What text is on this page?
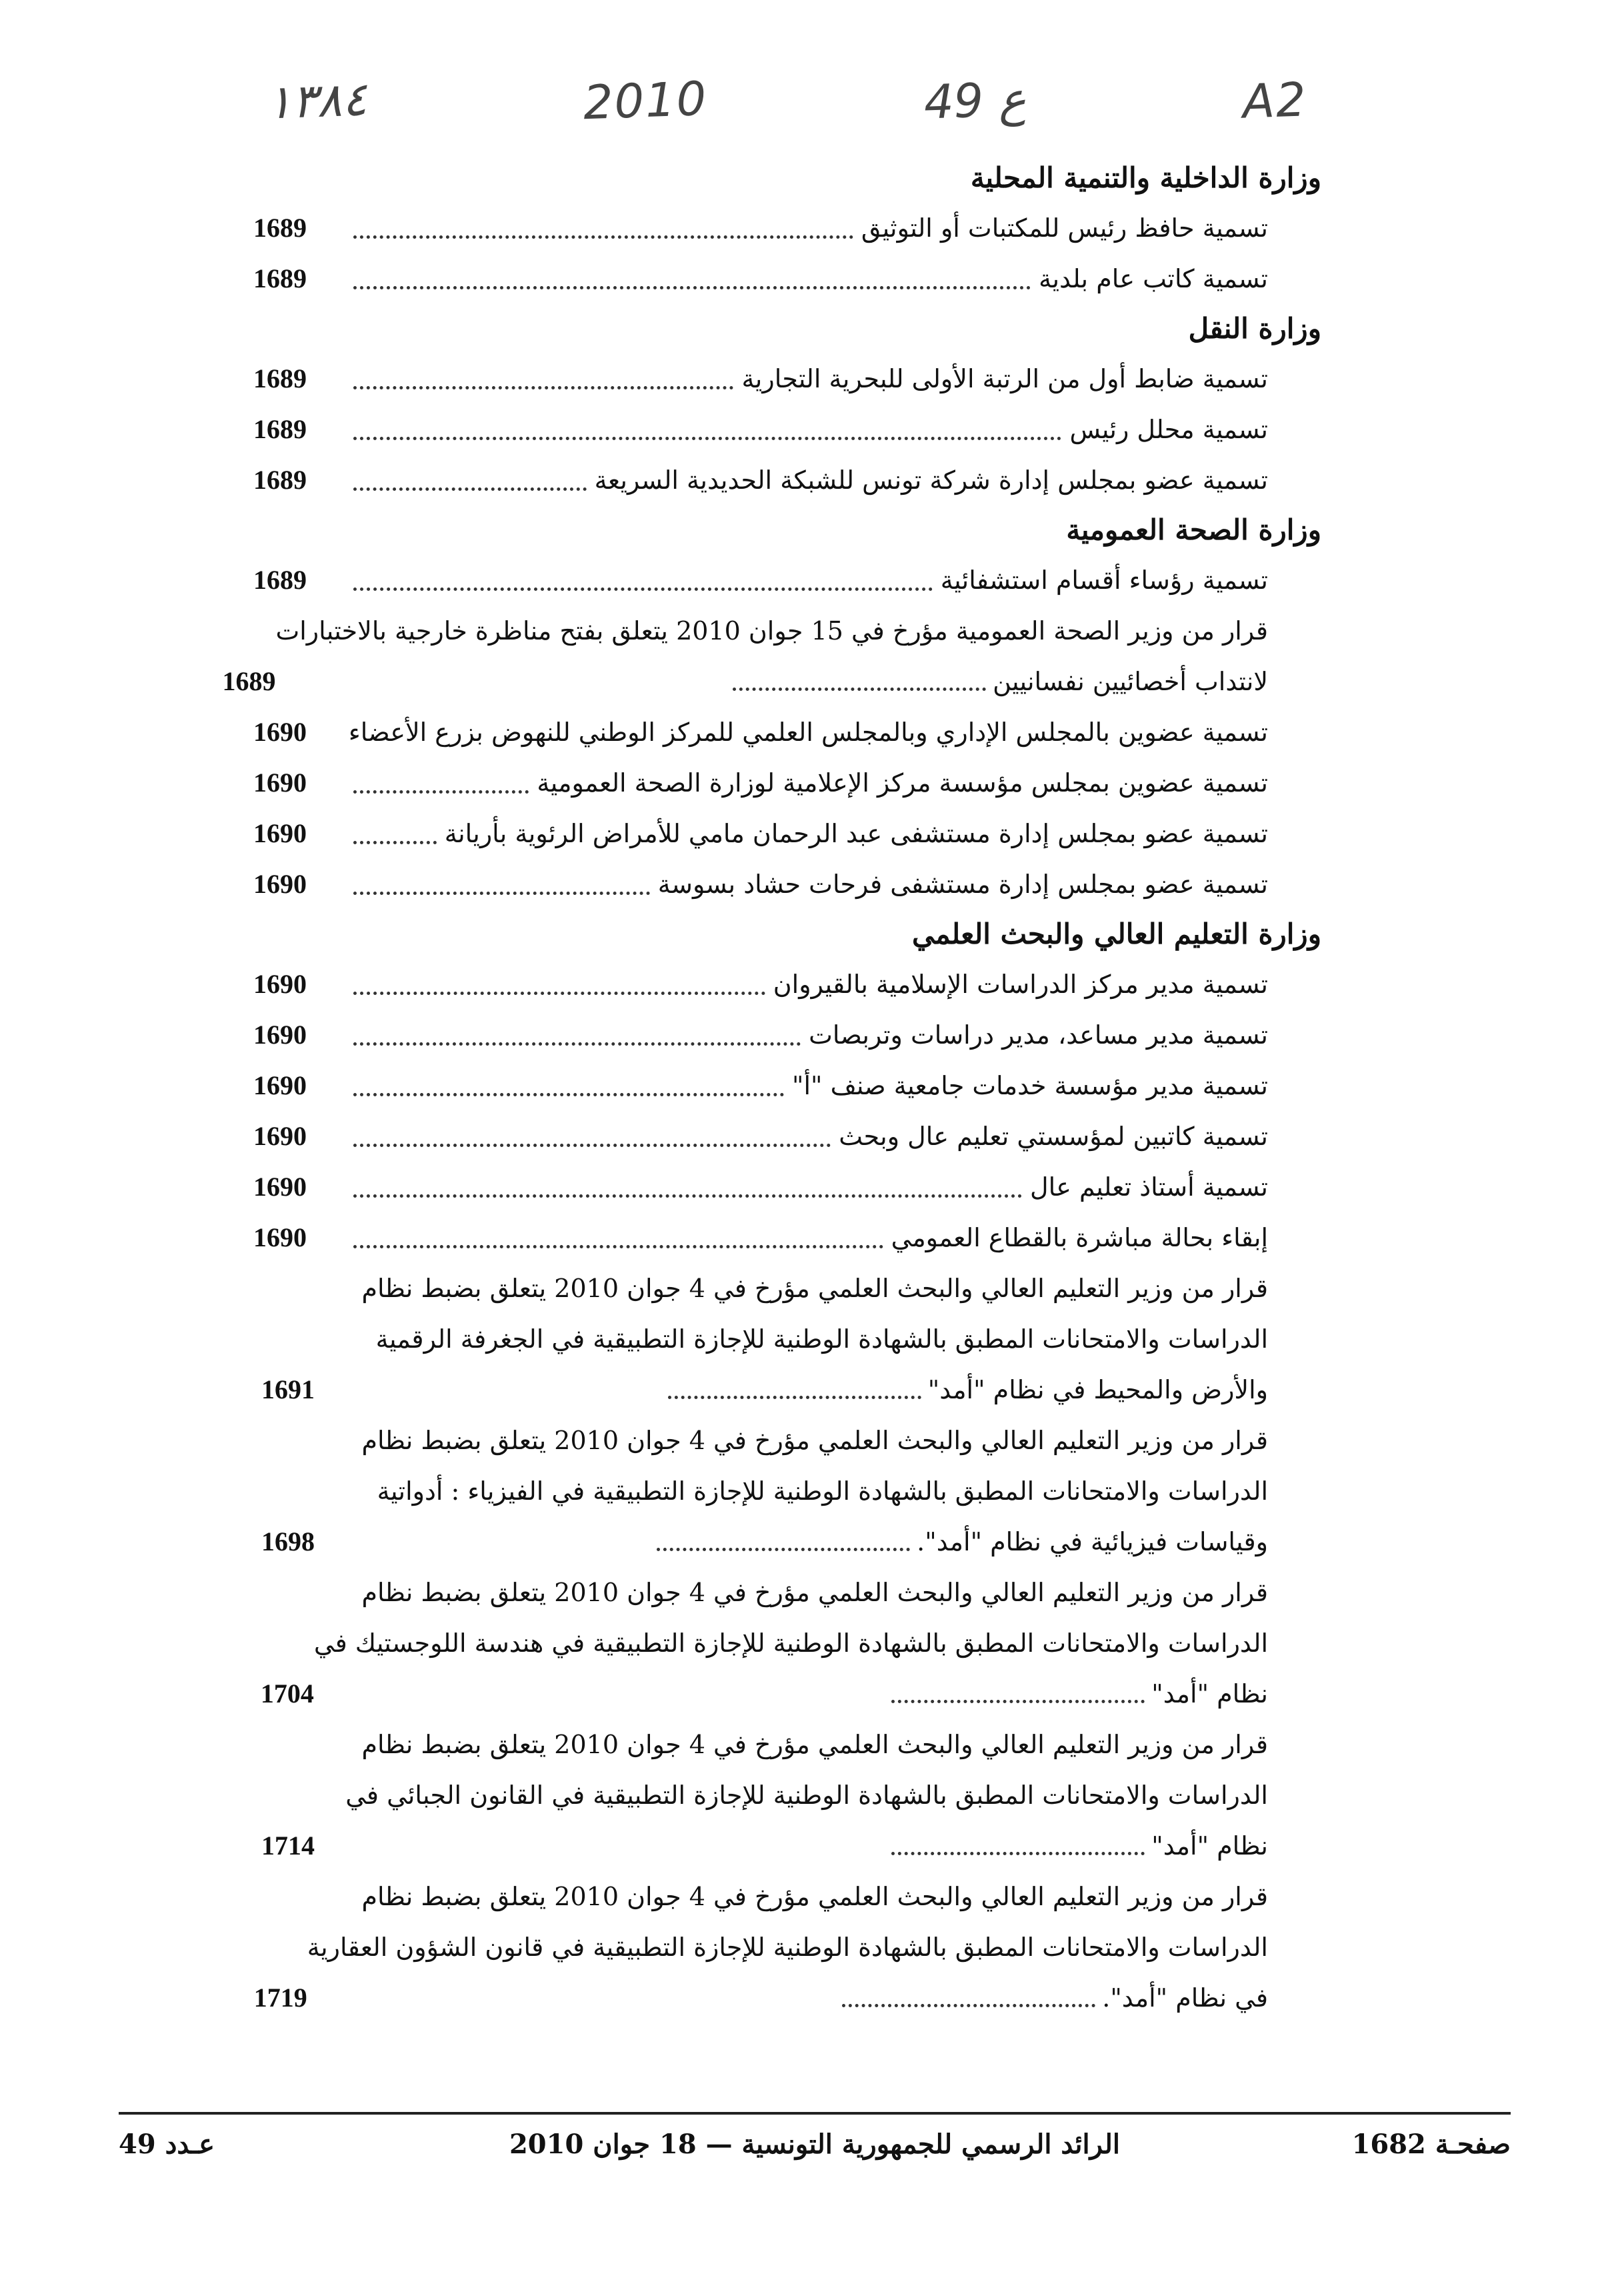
A2
ع 49
2010
١٣٨٤
وزارة الداخلية والتنمية المحلية
تسمية حافظ رئيس للمكتبات أو التوثيق
1689
تسمية كاتب عام بلدية
1689
وزارة النقل
تسمية ضابط أول من الرتبة الأولى للبحرية التجارية
1689
تسمية محلل رئيس
1689
تسمية عضو بمجلس إدارة شركة تونس للشبكة الحديدية السريعة
1689
وزارة الصحة العمومية
تسمية رؤساء أقسام استشفائية
1689
قرار من وزير الصحة العمومية مؤرخ في 15 جوان 2010 يتعلق بفتح مناظرة خارجية بالاختبارات
لانتداب أخصائيين نفسانيين
1689
تسمية عضوين بالمجلس الإداري وبالمجلس العلمي للمركز الوطني للنهوض بزرع الأعضاء
1690
تسمية عضوين بمجلس مؤسسة مركز الإعلامية لوزارة الصحة العمومية
1690
تسمية عضو بمجلس إدارة مستشفى عبد الرحمان مامي للأمراض الرئوية بأريانة
1690
تسمية عضو بمجلس إدارة مستشفى فرحات حشاد بسوسة
1690
وزارة التعليم العالي والبحث العلمي
تسمية مدير مركز الدراسات الإسلامية بالقيروان
1690
تسمية مدير مساعد، مدير دراسات وتربصات
1690
تسمية مدير مؤسسة خدمات جامعية صنف "أ"
1690
تسمية كاتبين لمؤسستي تعليم عال وبحث
1690
تسمية أستاذ تعليم عال
1690
إبقاء بحالة مباشرة بالقطاع العمومي
1690
قرار من وزير التعليم العالي والبحث العلمي مؤرخ في 4 جوان 2010 يتعلق بضبط نظام
الدراسات والامتحانات المطبق بالشهادة الوطنية للإجازة التطبيقية في الجغرفة الرقمية
والأرض والمحيط في نظام "أمد"
1691
قرار من وزير التعليم العالي والبحث العلمي مؤرخ في 4 جوان 2010 يتعلق بضبط نظام
الدراسات والامتحانات المطبق بالشهادة الوطنية للإجازة التطبيقية في الفيزياء : أدواتية
وقياسات فيزيائية في نظام "أمد".
1698
قرار من وزير التعليم العالي والبحث العلمي مؤرخ في 4 جوان 2010 يتعلق بضبط نظام
الدراسات والامتحانات المطبق بالشهادة الوطنية للإجازة التطبيقية في هندسة اللوجستيك في
نظام "أمد"
1704
قرار من وزير التعليم العالي والبحث العلمي مؤرخ في 4 جوان 2010 يتعلق بضبط نظام
الدراسات والامتحانات المطبق بالشهادة الوطنية للإجازة التطبيقية في القانون الجبائي في
نظام "أمد"
1714
قرار من وزير التعليم العالي والبحث العلمي مؤرخ في 4 جوان 2010 يتعلق بضبط نظام
الدراسات والامتحانات المطبق بالشهادة الوطنية للإجازة التطبيقية في قانون الشؤون العقارية
في نظام "أمد".
1719
صفحـة 1682
الرائد الرسمي للجمهورية التونسية — 18 جوان 2010
عـدد 49
